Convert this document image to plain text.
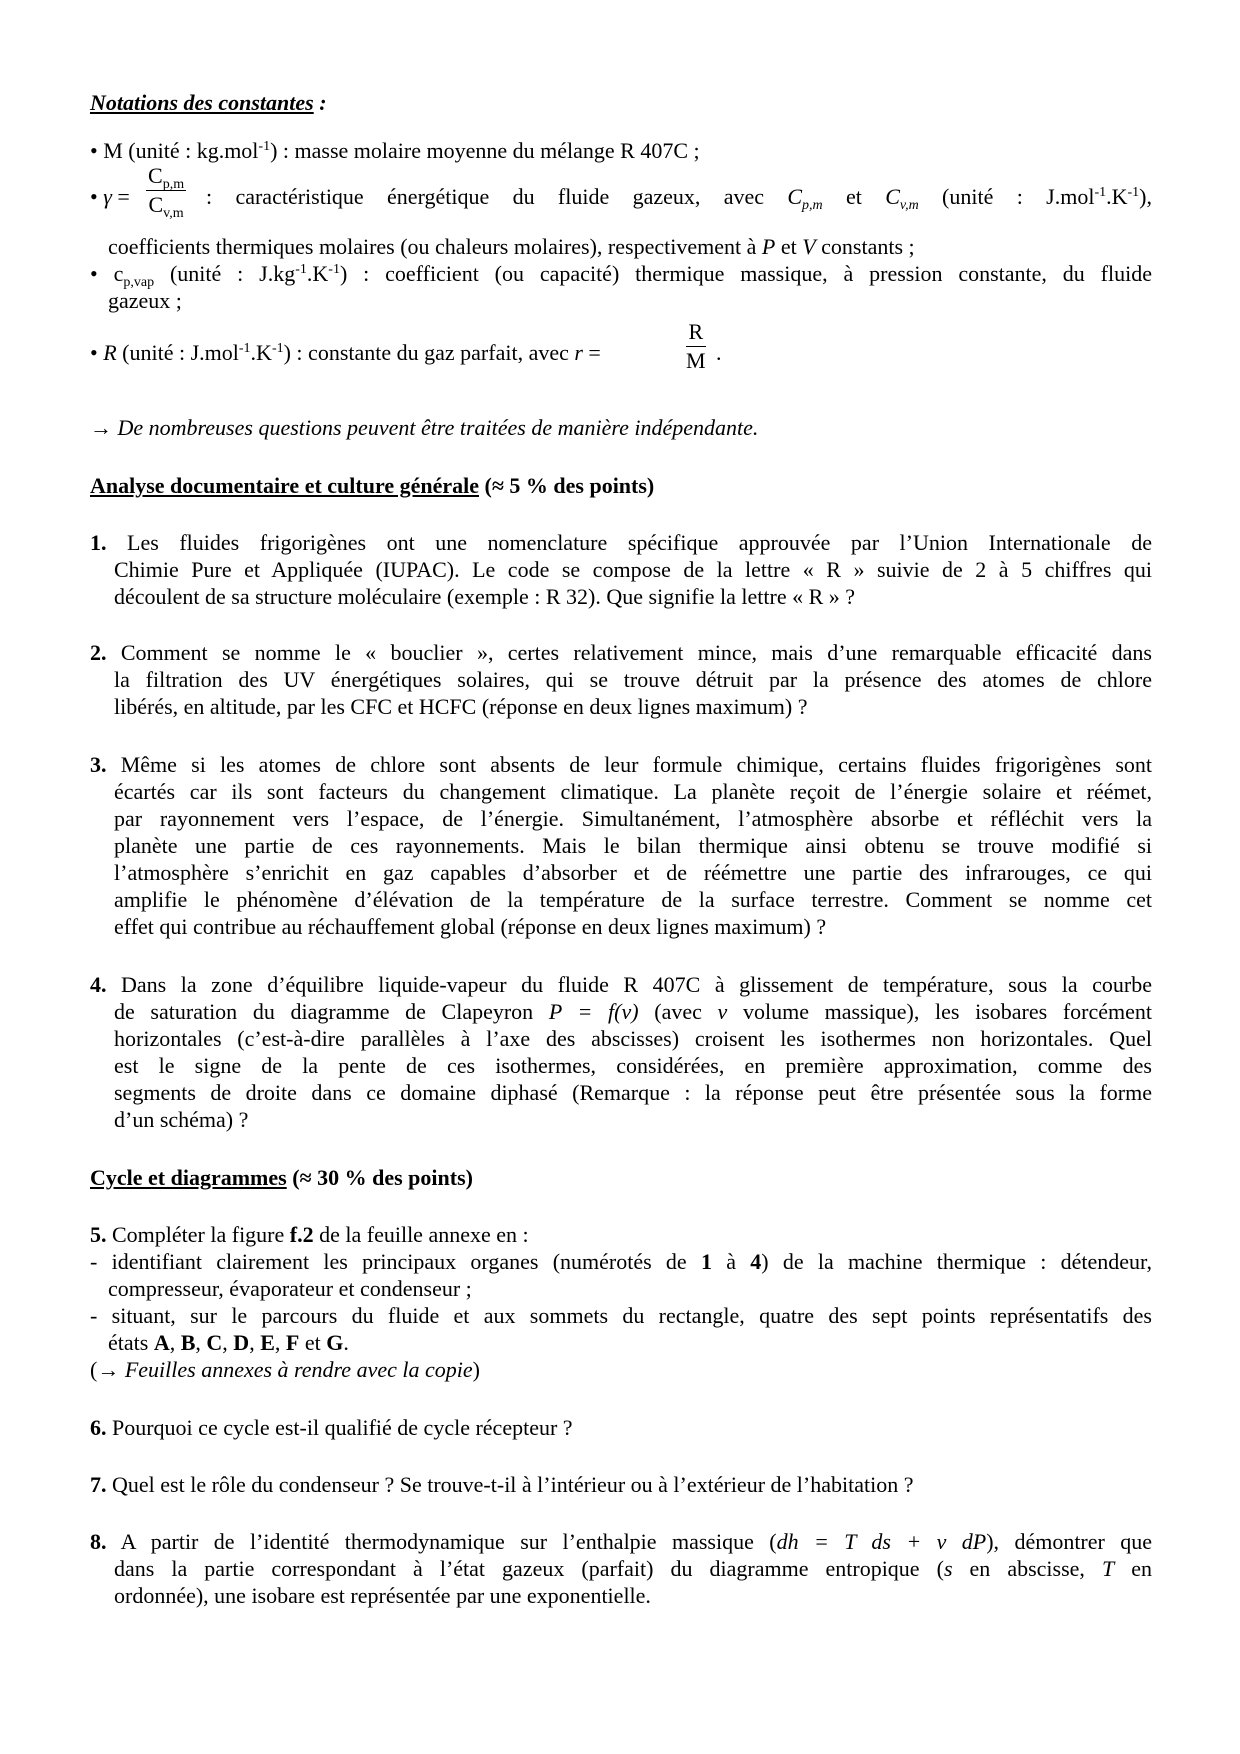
Notations des constantes :
• M (unité : kg.mol$^{-1}$) : masse molaire moyenne du mélange R 407C ;
• $\gamma = \frac{C_{p,m}}{C_{v,m}}$ : caractéristique énergétique du fluide gazeux, avec $C_{p,m}$ et $C_{v,m}$ (unité : $J.mol^{-1}.K^{-1}$),
coefficients thermiques molaires (ou chaleurs molaires), respectivement à P et V constants ;
• $c_{p,vap}$ (unité : $J.kg^{-1}.K^{-1}$) : coefficient (ou capacité) thermique massique, à pression constante, du fluide
gazeux ;
• R (unité : $J.mol^{-1}.K^{-1}$) : constante du gaz parfait, avec r =	$\frac{R}{M}$ .
→ De nombreuses questions peuvent être traitées de manière indépendante.
Analyse documentaire et culture générale (≈ 5 % des points)
1. Les fluides frigorigènes ont une nomenclature spécifique approuvée par l’Union Internationale de
Chimie Pure et Appliquée (IUPAC). Le code se compose de la lettre « R » suivie de 2 à 5 chiffres qui
découlent de sa structure moléculaire (exemple : R 32). Que signifie la lettre « R » ?
2. Comment se nomme le « bouclier », certes relativement mince, mais d’une remarquable efficacité dans
la filtration des UV énergétiques solaires, qui se trouve détruit par la présence des atomes de chlore
libérés, en altitude, par les CFC et HCFC (réponse en deux lignes maximum) ?
3. Même si les atomes de chlore sont absents de leur formule chimique, certains fluides frigorigènes sont
écartés car ils sont facteurs du changement climatique. La planète reçoit de l’énergie solaire et réémet,
par rayonnement vers l’espace, de l’énergie. Simultanément, l’atmosphère absorbe et réfléchit vers la
planète une partie de ces rayonnements. Mais le bilan thermique ainsi obtenu se trouve modifié si
l’atmosphère s’enrichit en gaz capables d’absorber et de réémettre une partie des infrarouges, ce qui
amplifie le phénomène d’élévation de la température de la surface terrestre. Comment se nomme cet
effet qui contribue au réchauffement global (réponse en deux lignes maximum) ?
4. Dans la zone d’équilibre liquide-vapeur du fluide R 407C à glissement de température, sous la courbe
de saturation du diagramme de Clapeyron P = f(v) (avec v volume massique), les isobares forcément
horizontales (c’est-à-dire parallèles à l’axe des abscisses) croisent les isothermes non horizontales. Quel
est le signe de la pente de ces isothermes, considérées, en première approximation, comme des
segments de droite dans ce domaine diphasé (Remarque : la réponse peut être présentée sous la forme
d’un schéma) ?
Cycle et diagrammes (≈ 30 % des points)
5. Compléter la figure f.2 de la feuille annexe en :
- identifiant clairement les principaux organes (numérotés de 1 à 4) de la machine thermique : détendeur,
compresseur, évaporateur et condenseur ;
- situant, sur le parcours du fluide et aux sommets du rectangle, quatre des sept points représentatifs des
états A, B, C, D, E, F et G.
(→ Feuilles annexes à rendre avec la copie)
6. Pourquoi ce cycle est-il qualifié de cycle récepteur ?
7. Quel est le rôle du condenseur ? Se trouve-t-il à l’intérieur ou à l’extérieur de l’habitation ?
8. A partir de l’identité thermodynamique sur l’enthalpie massique (dh = T ds + v dP), démontrer que
dans la partie correspondant à l’état gazeux (parfait) du diagramme entropique (s en abscisse, T en
ordonnée), une isobare est représentée par une exponentielle.
